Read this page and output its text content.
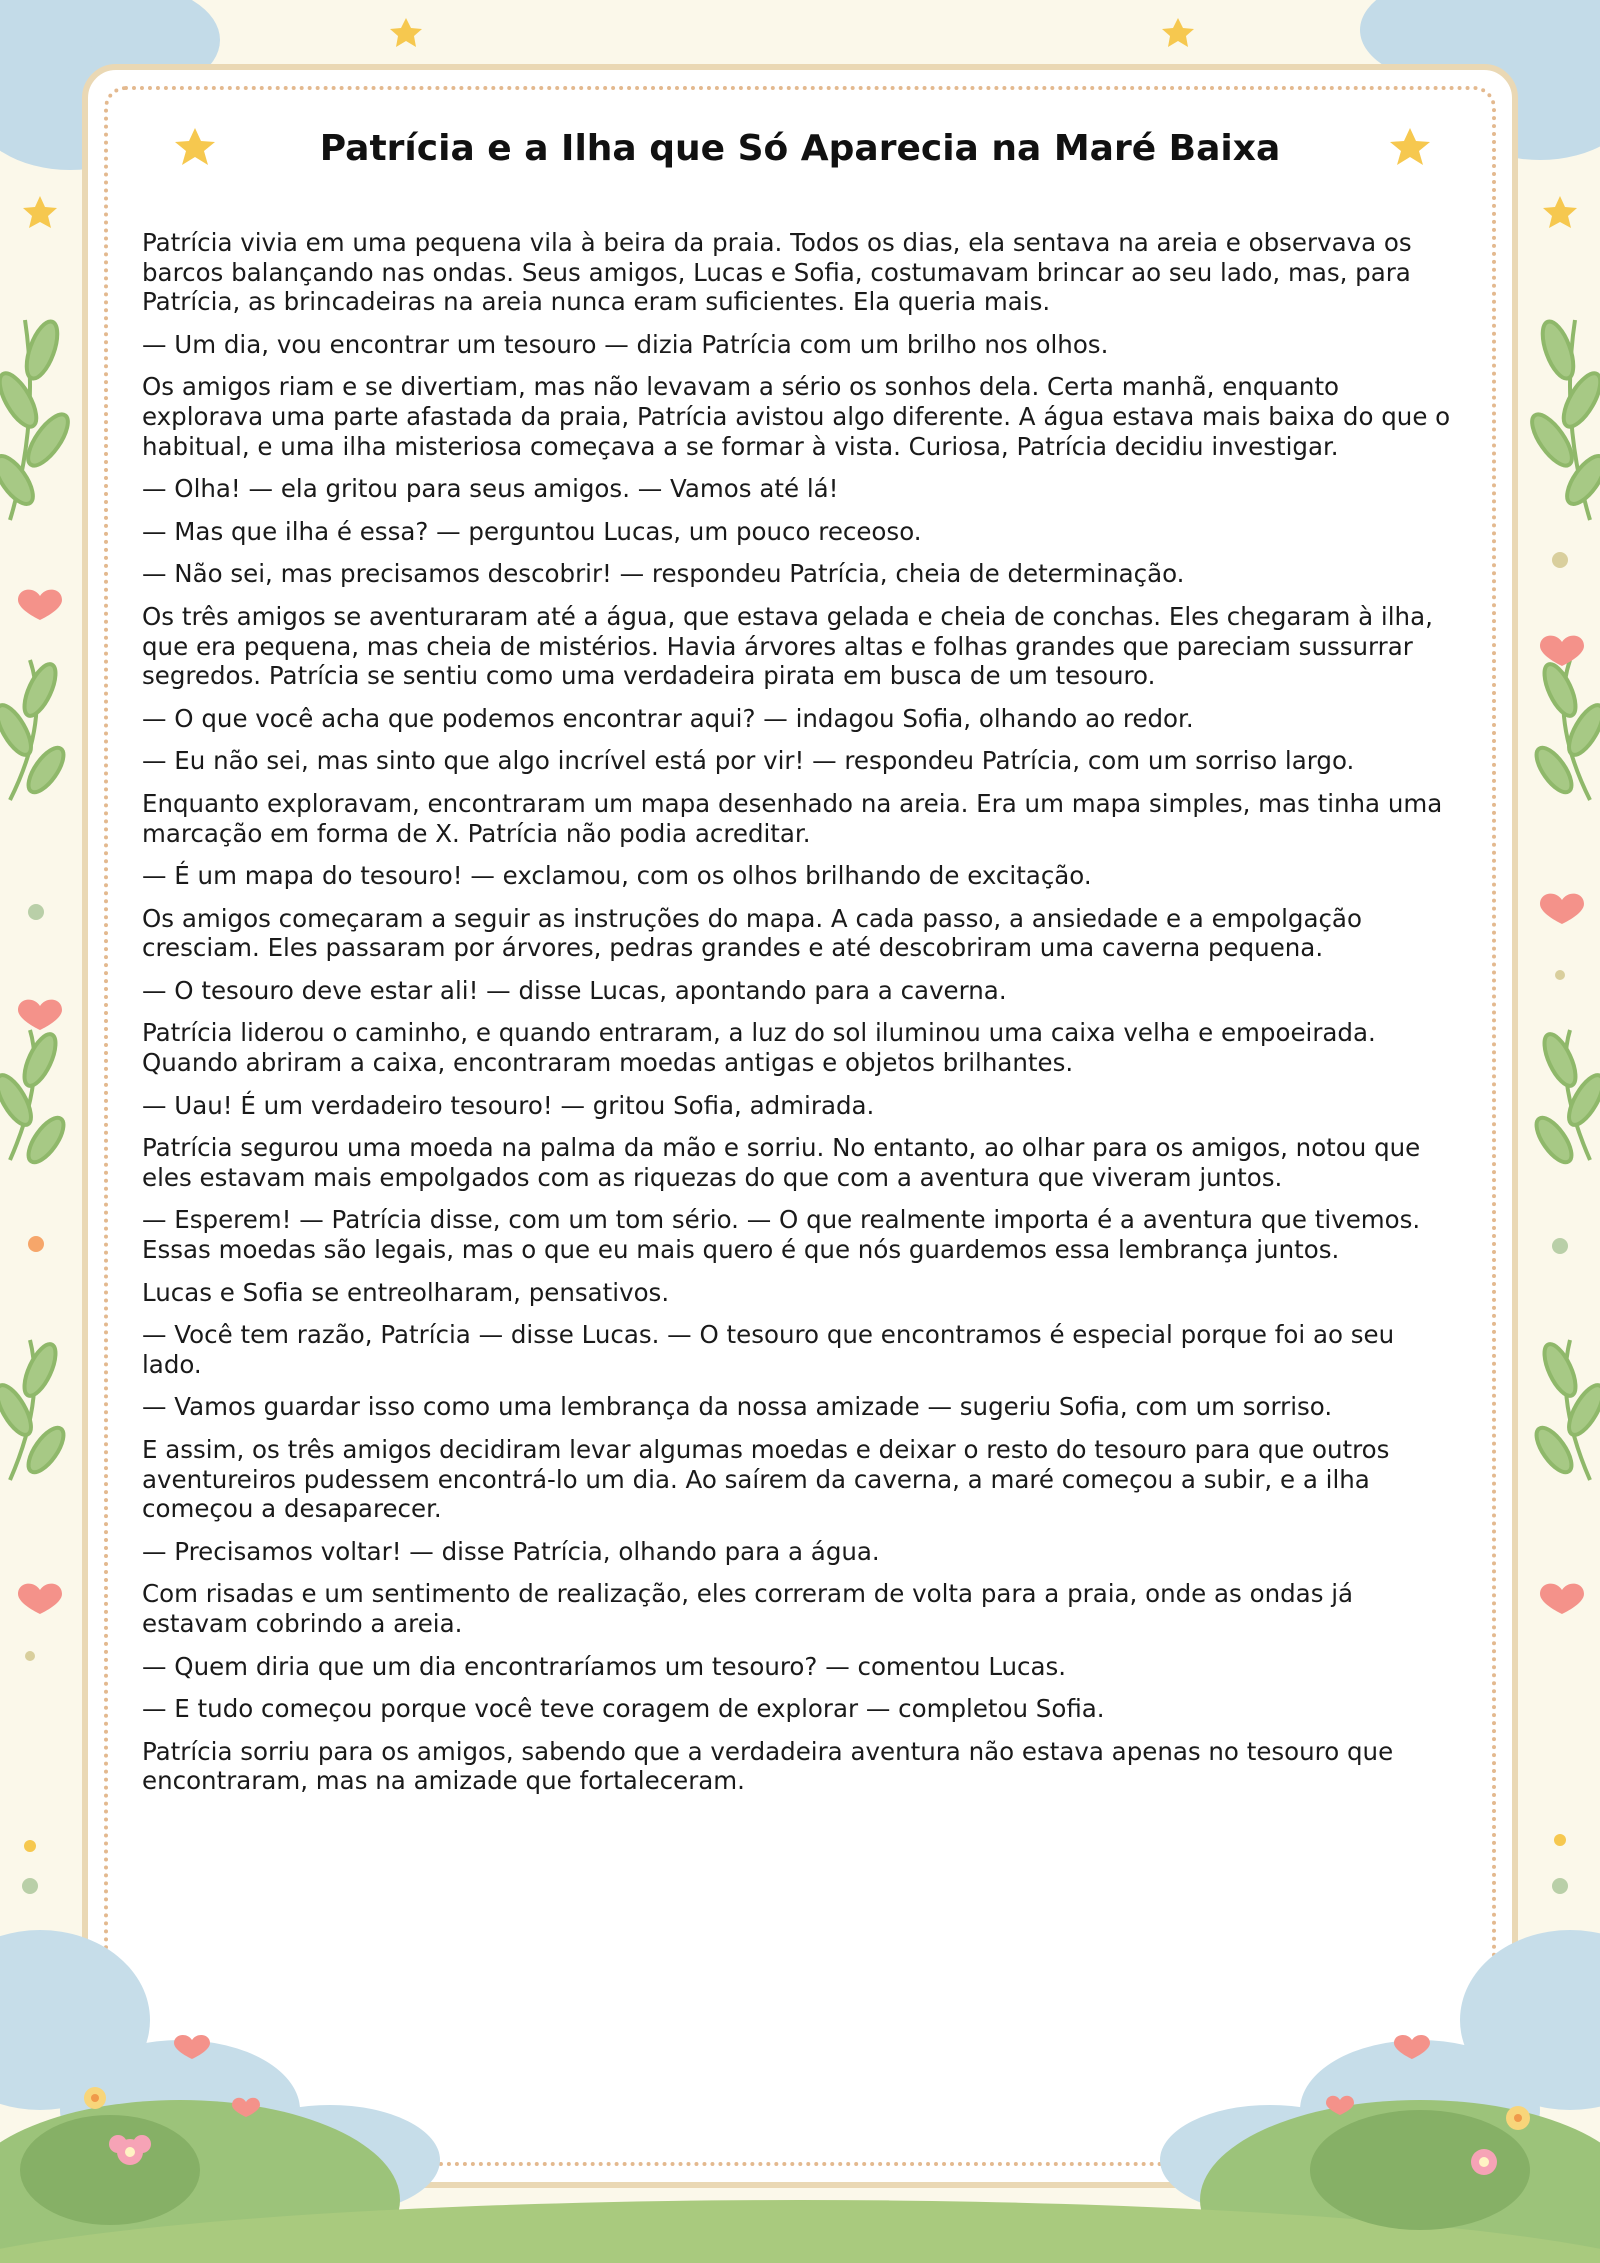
Patrícia e a Ilha que Só Aparecia na Maré Baixa

Patrícia vivia em uma pequena vila à beira da praia. Todos os dias, ela sentava na areia e observava os barcos balançando nas ondas. Seus amigos, Lucas e Sofia, costumavam brincar ao seu lado, mas, para Patrícia, as brincadeiras na areia nunca eram suficientes. Ela queria mais.

— Um dia, vou encontrar um tesouro — dizia Patrícia com um brilho nos olhos.

Os amigos riam e se divertiam, mas não levavam a sério os sonhos dela. Certa manhã, enquanto explorava uma parte afastada da praia, Patrícia avistou algo diferente. A água estava mais baixa do que o habitual, e uma ilha misteriosa começava a se formar à vista. Curiosa, Patrícia decidiu investigar.

— Olha! — ela gritou para seus amigos. — Vamos até lá!

— Mas que ilha é essa? — perguntou Lucas, um pouco receoso.

— Não sei, mas precisamos descobrir! — respondeu Patrícia, cheia de determinação.

Os três amigos se aventuraram até a água, que estava gelada e cheia de conchas. Eles chegaram à ilha, que era pequena, mas cheia de mistérios. Havia árvores altas e folhas grandes que pareciam sussurrar segredos. Patrícia se sentiu como uma verdadeira pirata em busca de um tesouro.

— O que você acha que podemos encontrar aqui? — indagou Sofia, olhando ao redor.

— Eu não sei, mas sinto que algo incrível está por vir! — respondeu Patrícia, com um sorriso largo.

Enquanto exploravam, encontraram um mapa desenhado na areia. Era um mapa simples, mas tinha uma marcação em forma de X. Patrícia não podia acreditar.

— É um mapa do tesouro! — exclamou, com os olhos brilhando de excitação.

Os amigos começaram a seguir as instruções do mapa. A cada passo, a ansiedade e a empolgação cresciam. Eles passaram por árvores, pedras grandes e até descobriram uma caverna pequena.

— O tesouro deve estar ali! — disse Lucas, apontando para a caverna.

Patrícia liderou o caminho, e quando entraram, a luz do sol iluminou uma caixa velha e empoeirada. Quando abriram a caixa, encontraram moedas antigas e objetos brilhantes.

— Uau! É um verdadeiro tesouro! — gritou Sofia, admirada.

Patrícia segurou uma moeda na palma da mão e sorriu. No entanto, ao olhar para os amigos, notou que eles estavam mais empolgados com as riquezas do que com a aventura que viveram juntos.

— Esperem! — Patrícia disse, com um tom sério. — O que realmente importa é a aventura que tivemos. Essas moedas são legais, mas o que eu mais quero é que nós guardemos essa lembrança juntos.

Lucas e Sofia se entreolharam, pensativos.

— Você tem razão, Patrícia — disse Lucas. — O tesouro que encontramos é especial porque foi ao seu lado.

— Vamos guardar isso como uma lembrança da nossa amizade — sugeriu Sofia, com um sorriso.

E assim, os três amigos decidiram levar algumas moedas e deixar o resto do tesouro para que outros aventureiros pudessem encontrá-lo um dia. Ao saírem da caverna, a maré começou a subir, e a ilha começou a desaparecer.

— Precisamos voltar! — disse Patrícia, olhando para a água.

Com risadas e um sentimento de realização, eles correram de volta para a praia, onde as ondas já estavam cobrindo a areia.

— Quem diria que um dia encontraríamos um tesouro? — comentou Lucas.

— E tudo começou porque você teve coragem de explorar — completou Sofia.

Patrícia sorriu para os amigos, sabendo que a verdadeira aventura não estava apenas no tesouro que encontraram, mas na amizade que fortaleceram.
